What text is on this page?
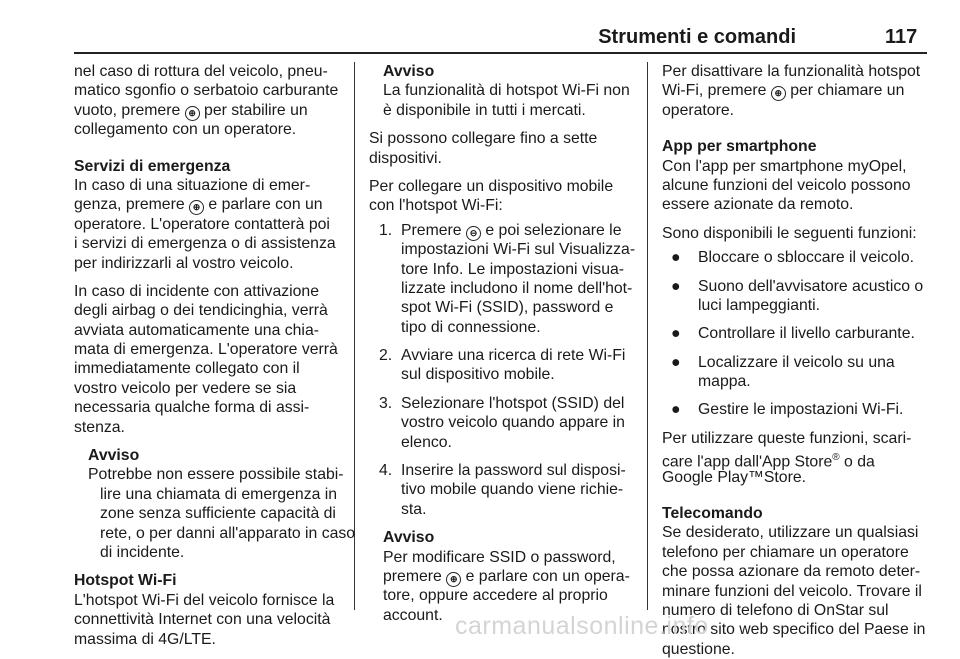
Strumenti e comandi	117
nel caso di rottura del veicolo, pneu-
matico sgonfio o serbatoio carburante
vuoto, premere ⊕ per stabilire un
collegamento con un operatore.
Servizi di emergenza
In caso di una situazione di emer-
genza, premere ⊕ e parlare con un
operatore. L'operatore contatterà poi
i servizi di emergenza o di assistenza
per indirizzarli al vostro veicolo.
In caso di incidente con attivazione
degli airbag o dei tendicinghia, verrà
avviata automaticamente una chia-
mata di emergenza. L'operatore verrà
immediatamente collegato con il
vostro veicolo per vedere se sia
necessaria qualche forma di assi-
stenza.
Avviso
Potrebbe non essere possibile stabi-
lire una chiamata di emergenza in
zone senza sufficiente capacità di
rete, o per danni all'apparato in caso
di incidente.
Hotspot Wi-Fi
L'hotspot Wi-Fi del veicolo fornisce la
connettività Internet con una velocità
massima di 4G/LTE.
Avviso
La funzionalità di hotspot Wi-Fi non
è disponibile in tutti i mercati.
Si possono collegare fino a sette
dispositivi.
Per collegare un dispositivo mobile
con l'hotspot Wi-Fi:
1. Premere ⊖ e poi selezionare le
impostazioni Wi-Fi sul Visualizza-
tore Info. Le impostazioni visua-
lizzate includono il nome dell'hot-
spot Wi-Fi (SSID), password e
tipo di connessione.
2. Avviare una ricerca di rete Wi-Fi
sul dispositivo mobile.
3. Selezionare l'hotspot (SSID) del
vostro veicolo quando appare in
elenco.
4. Inserire la password sul disposi-
tivo mobile quando viene richie-
sta.
Avviso
Per modificare SSID o password,
premere ⊕ e parlare con un opera-
tore, oppure accedere al proprio
account.
Per disattivare la funzionalità hotspot
Wi-Fi, premere ⊕ per chiamare un
operatore.
App per smartphone
Con l'app per smartphone myOpel,
alcune funzioni del veicolo possono
essere azionate da remoto.
Sono disponibili le seguenti funzioni:
● Bloccare o sbloccare il veicolo.
● Suono dell'avvisatore acustico o
luci lampeggianti.
● Controllare il livello carburante.
● Localizzare il veicolo su una
mappa.
● Gestire le impostazioni Wi-Fi.
Per utilizzare queste funzioni, scari-
care l'app dall'App Store® o da
Google Play™Store.
Telecomando
Se desiderato, utilizzare un qualsiasi
telefono per chiamare un operatore
che possa azionare da remoto deter-
minare funzioni del veicolo. Trovare il
numero di telefono di OnStar sul
nostro sito web specifico del Paese in
questione.
carmanualsonline.info
